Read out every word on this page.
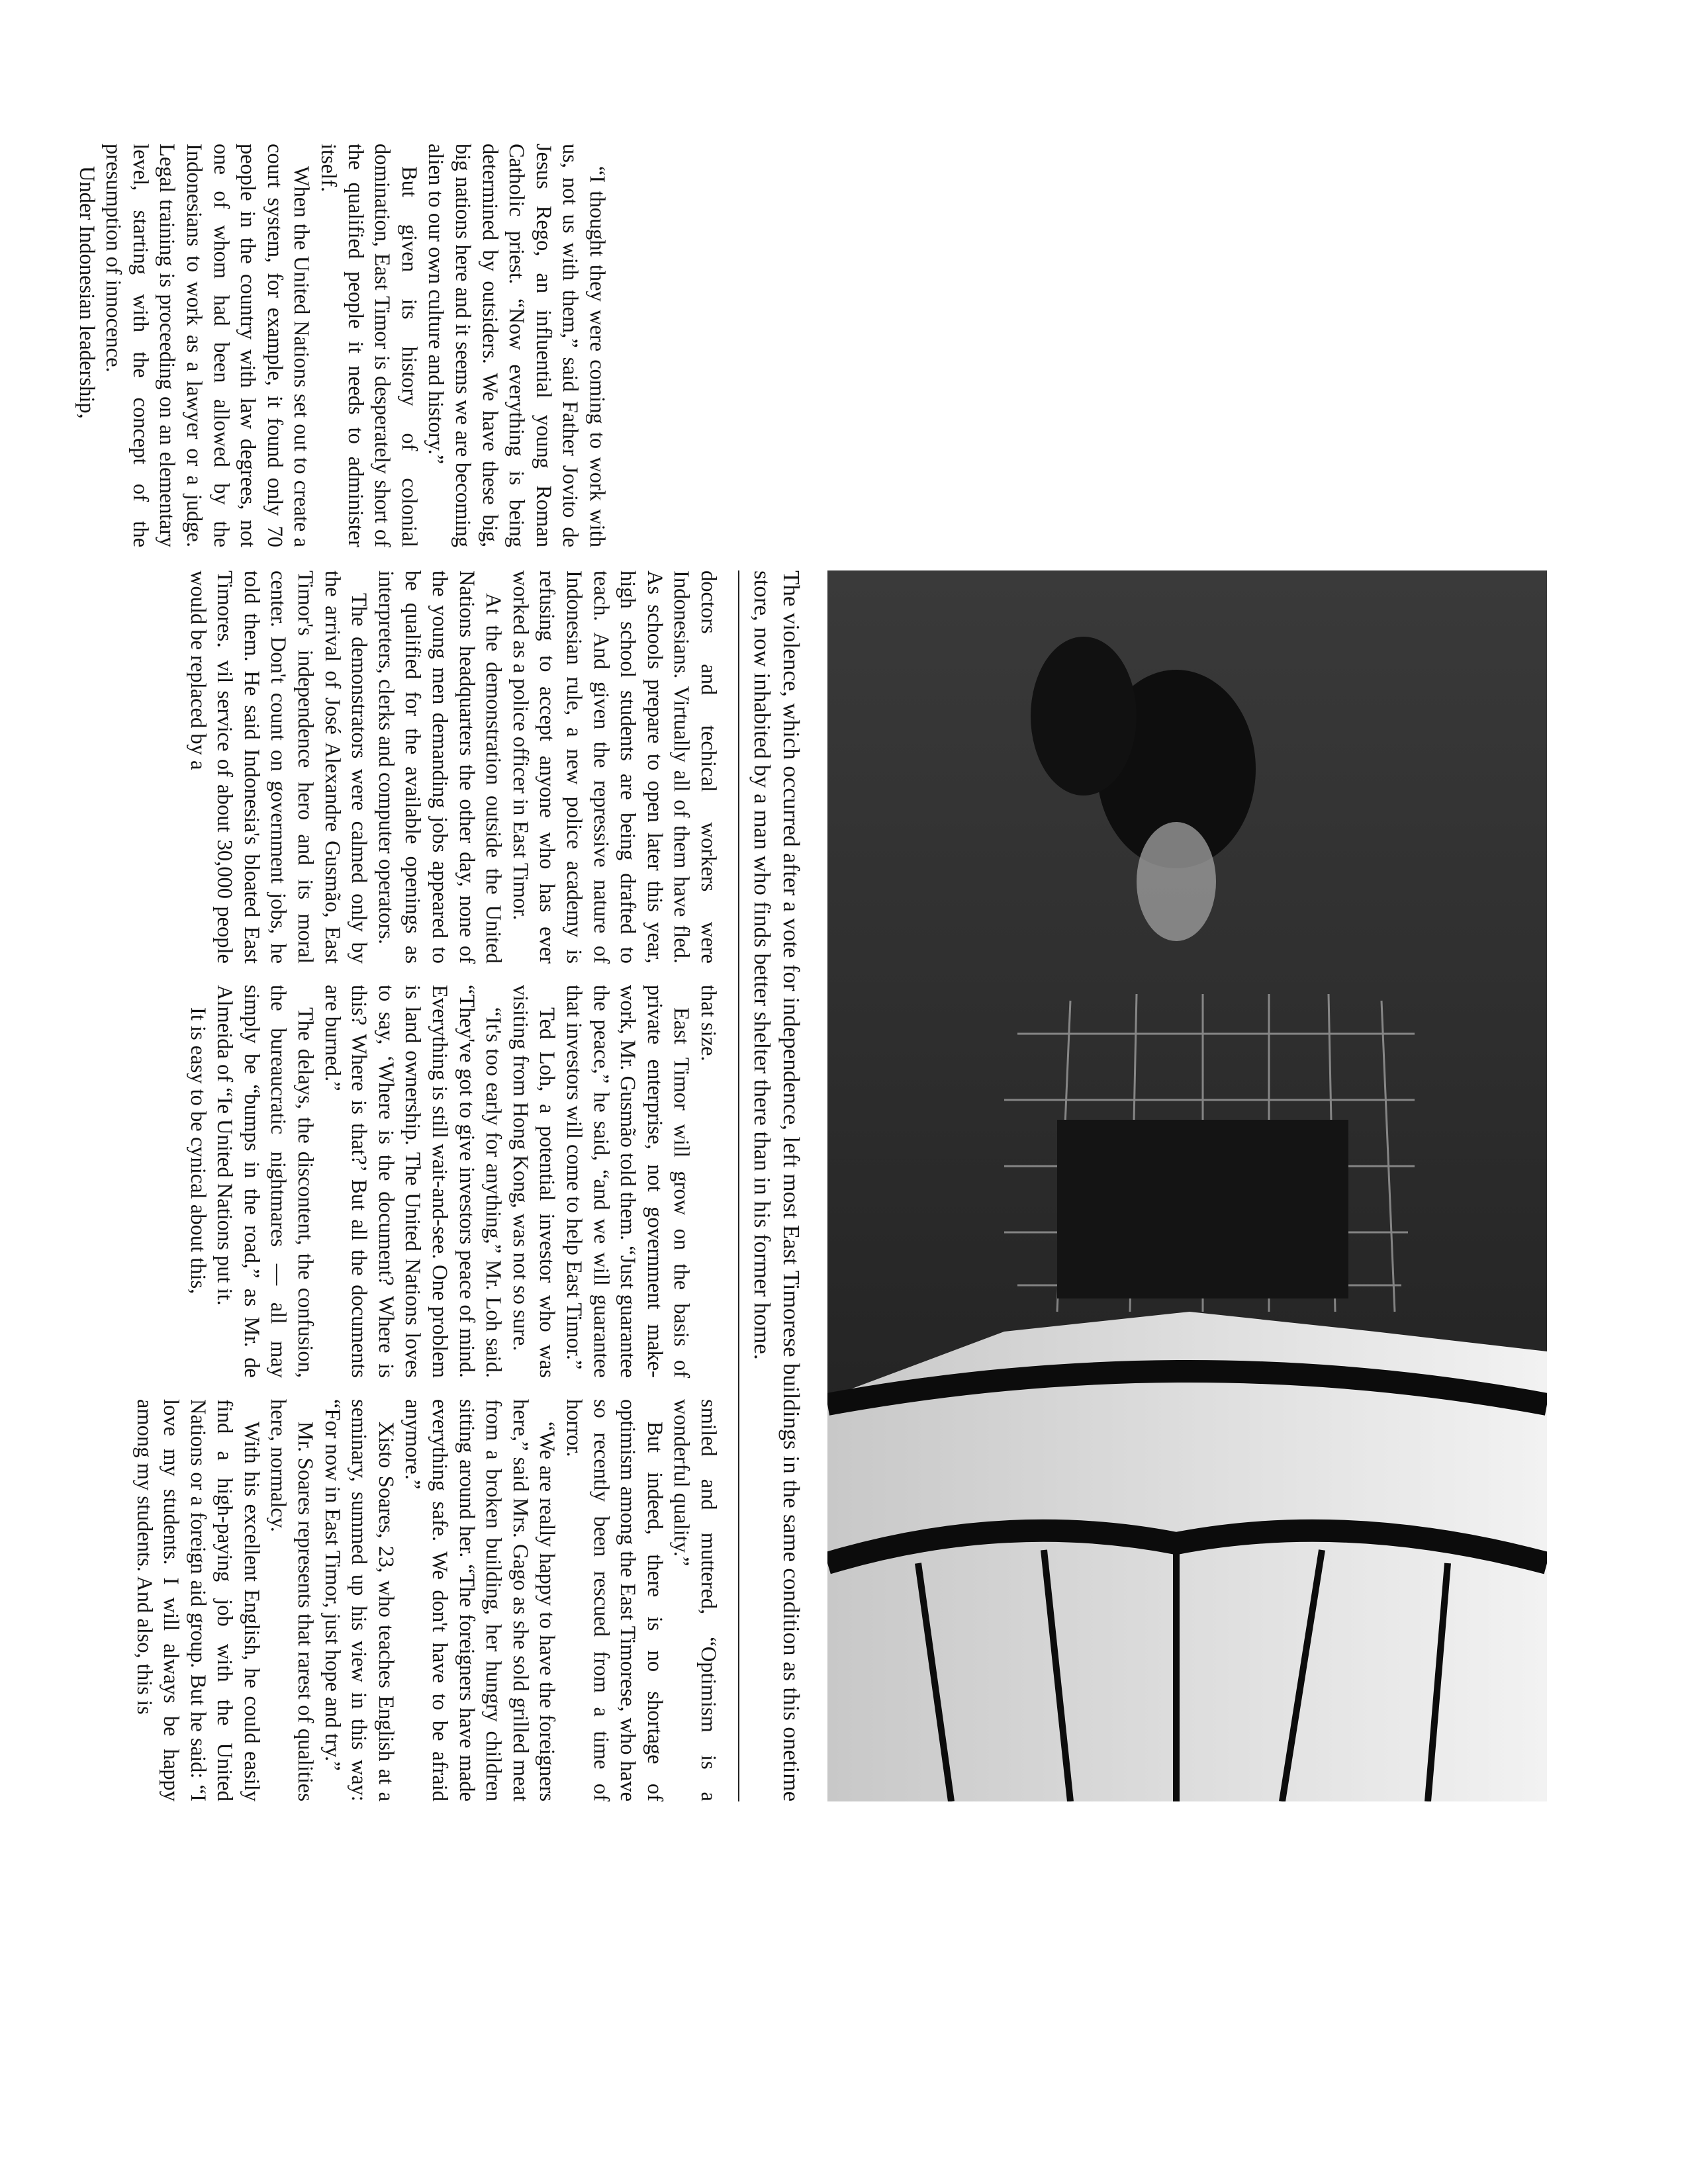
The violence, which occurred after a vote for independence, left most East Timorese buildings in the same condition as this onetime store, now inhabited by a man who finds better shelter there than in his former home.

“I thought they were coming to work with us, not us with them,” said Father Jovito de Jesus Rego, an influential young Roman Catholic priest. “Now everything is being determined by outsiders. We have these big, big nations here and it seems we are becoming alien to our own culture and history.”

But given its history of colonial domination, East Timor is desperately short of the qualified people it needs to administer itself.

When the United Nations set out to create a court system, for example, it found only 70 people in the country with law degrees, not one of whom had been allowed by the Indonesians to work as a lawyer or a judge. Legal training is proceeding on an elementary level, starting with the concept of the presumption of innocence.

Under Indonesian leadership,

doctors and techical workers were Indonesians. Virtually all of them have fled. As schools prepare to open later this year, high school students are being drafted to teach. And given the repressive nature of Indonesian rule, a new police academy is refusing to accept anyone who has ever worked as a police officer in East Timor.

At the demonstration outside the United Nations headquarters the other day, none of the young men demanding jobs appeared to be qualified for the available openings as interpreters, clerks and computer operators.

The demonstrators were calmed only by the arrival of José Alexandre Gusmão, East Timor's independence hero and its moral center. Don't count on government jobs, he told them. He said Indonesia's bloated East Timores․  vil service of about 30,000 people would be replaced by a

that size.

East Timor will grow on the basis of private enterprise, not government make-work, Mr. Gusmão told them. “Just guarantee the peace,” he said, “and we will guarantee that investors will come to help East Timor.”

Ted Loh, a potential investor who was visiting from Hong Kong, was not so sure.

“It's too early for anything,” Mr. Loh said. “They've got to give investors peace of mind. Everything is still wait-and-see. One problem is land ownership. The United Nations loves to say, ‘Where is the document? Where is this? Where is that?’ But all the documents are burned.”

The delays, the discontent, the confusion, the bureaucratic nightmares — all may simply be “bumps in the road,” as Mr. de Almeida of “Ιe United Nations put it.

It is easy to be cynical about this,

smiled and muttered, “Optimism is a wonderful quality.”

But indeed, there is no shortage of optimism among the East Timorese, who have so recently been rescued from a time of horror.

“We are really happy to have the foreigners here,” said Mrs. Gago as she sold grilled meat from a broken building, her hungry children sitting around her. “The foreigners have made everything safe. We don't have to be afraid anymore.”

Xisto Soares, 23, who teaches English at a seminary, summed up his view in this way: “For now in East Timor, just hope and try.”

Mr. Soares represents that rarest of qualities here, normalcy.

With his excellent English, he could easily find a high-paying job with the United Nations or a foreign aid group. But he said: “I love my students. I will always be happy among my students. And also, this is
